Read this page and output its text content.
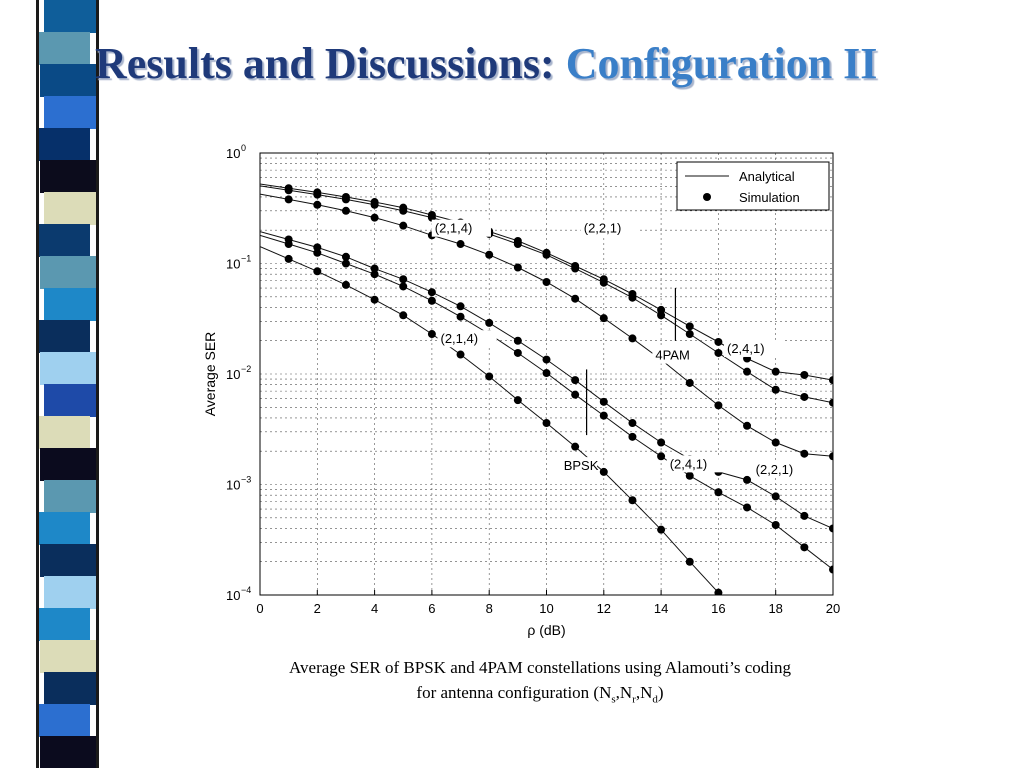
Results and Discussions: Configuration II
0	2	4	6	8	10	12	14	16	18	20
10 0
10 −1
10 −2
10 −3
10 −4
ρ (dB)
Average SER
(2,1,4)	(2,2,1)
4PAM	(2,4,1)
(2,1,4)
BPSK	(2,4,1)	(2,2,1)
Analytical
Simulation
Average SER of BPSK and 4PAM constellations using Alamouti’s coding
for antenna configuration $(N_s,N_r,N_d)$
